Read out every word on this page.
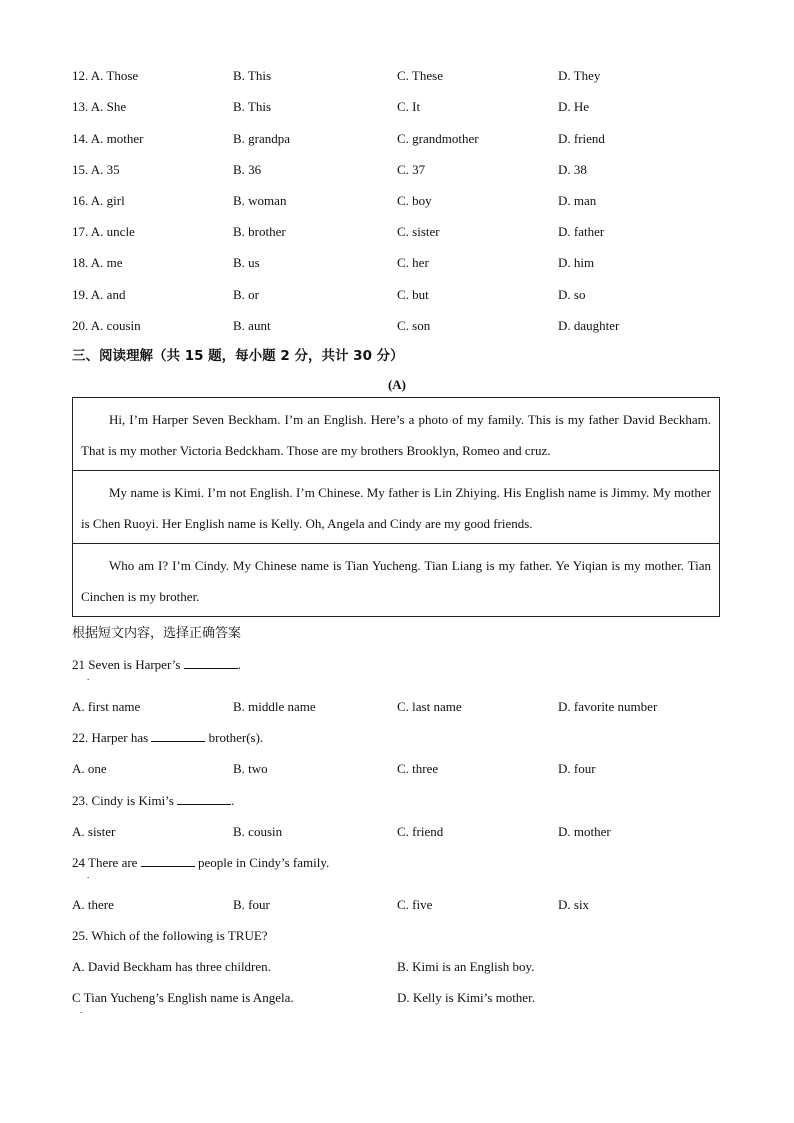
12. A. Those	B. This	C. These	D. They
13. A. She	B. This	C. It	D. He
14. A. mother	B. grandpa	C. grandmother	D. friend
15. A. 35	B. 36	C. 37	D. 38
16. A. girl	B. woman	C. boy	D. man
17. A. uncle	B. brother	C. sister	D. father
18. A. me	B. us	C. her	D. him
19. A. and	B. or	C. but	D. so
20. A. cousin	B. aunt	C. son	D. daughter
三、阅读理解（共 15 题，每小题 2 分，共计 30 分）
(A)
Hi, I’m Harper Seven Beckham. I’m an English. Here’s a photo of my family. This is my father David Beckham. That is my mother Victoria Bedckham. Those are my brothers Brooklyn, Romeo and cruz.
My name is Kimi. I’m not English. I’m Chinese. My father is Lin Zhiying. His English name is Jimmy. My mother is Chen Ruoyi. Her English name is Kelly. Oh, Angela and Cindy are my good friends.
Who am I? I’m Cindy. My Chinese name is Tian Yucheng. Tian Liang is my father. Ye Yiqian is my mother. Tian Cinchen is my brother.
根据短文内容，选择正确答案
21 Seven is Harper’s	.
.
A. first name	B. middle name	C. last name	D. favorite number
22. Harper has	brother(s).
A. one	B. two	C. three	D. four
23. Cindy is Kimi’s	.
A. sister	B. cousin	C. friend	D. mother
24 There are	people in Cindy’s family.
.
A. there	B. four	C. five	D. six
25. Which of the following is TRUE?
A. David Beckham has three children.	B. Kimi is an English boy.
C Tian Yucheng’s English name is Angela.	D. Kelly is Kimi’s mother.
.
